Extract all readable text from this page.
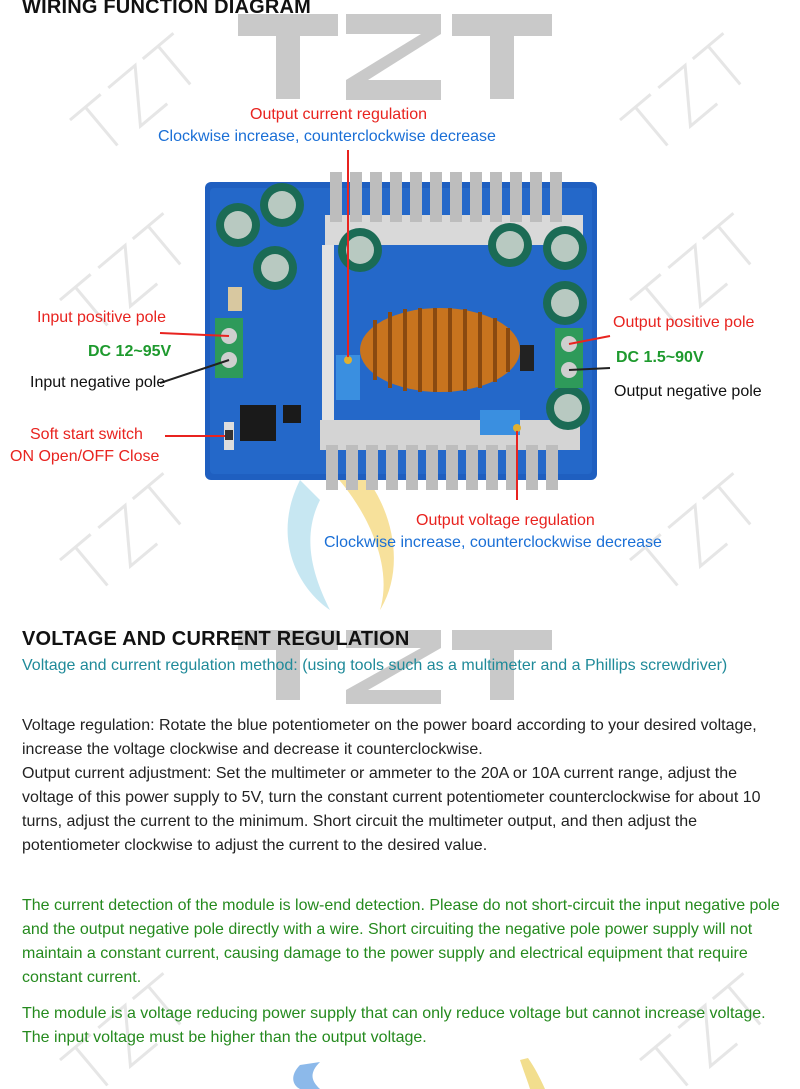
WIRING FUNCTION DIAGRAM
Output current regulation
Clockwise increase, counterclockwise decrease
Input positive pole
DC 12~95V
Input negative pole
Soft start switch
ON Open/OFF Close
Output positive pole
DC 1.5~90V
Output negative pole
Output voltage regulation
Clockwise increase, counterclockwise decrease
VOLTAGE AND CURRENT REGULATION

Voltage and current regulation method: (using tools such as a multimeter and a Phillips screwdriver)

Voltage regulation: Rotate the blue potentiometer on the power board according to your desired voltage, increase the voltage clockwise and decrease it counterclockwise.
Output current adjustment: Set the multimeter or ammeter to the 20A or 10A current range, adjust the voltage of this power supply to 5V, turn the constant current potentiometer counterclockwise for about 10 turns, adjust the current to the minimum. Short circuit the multimeter output, and then adjust the potentiometer clockwise to adjust the current to the desired value.

The current detection of the module is low-end detection. Please do not short-circuit the input negative pole and the output negative pole directly with a wire. Short circuiting the negative pole power supply will not maintain a constant current, causing damage to the power supply and electrical equipment that require constant current.

The module is a voltage reducing power supply that can only reduce voltage but cannot increase voltage. The input voltage must be higher than the output voltage.
